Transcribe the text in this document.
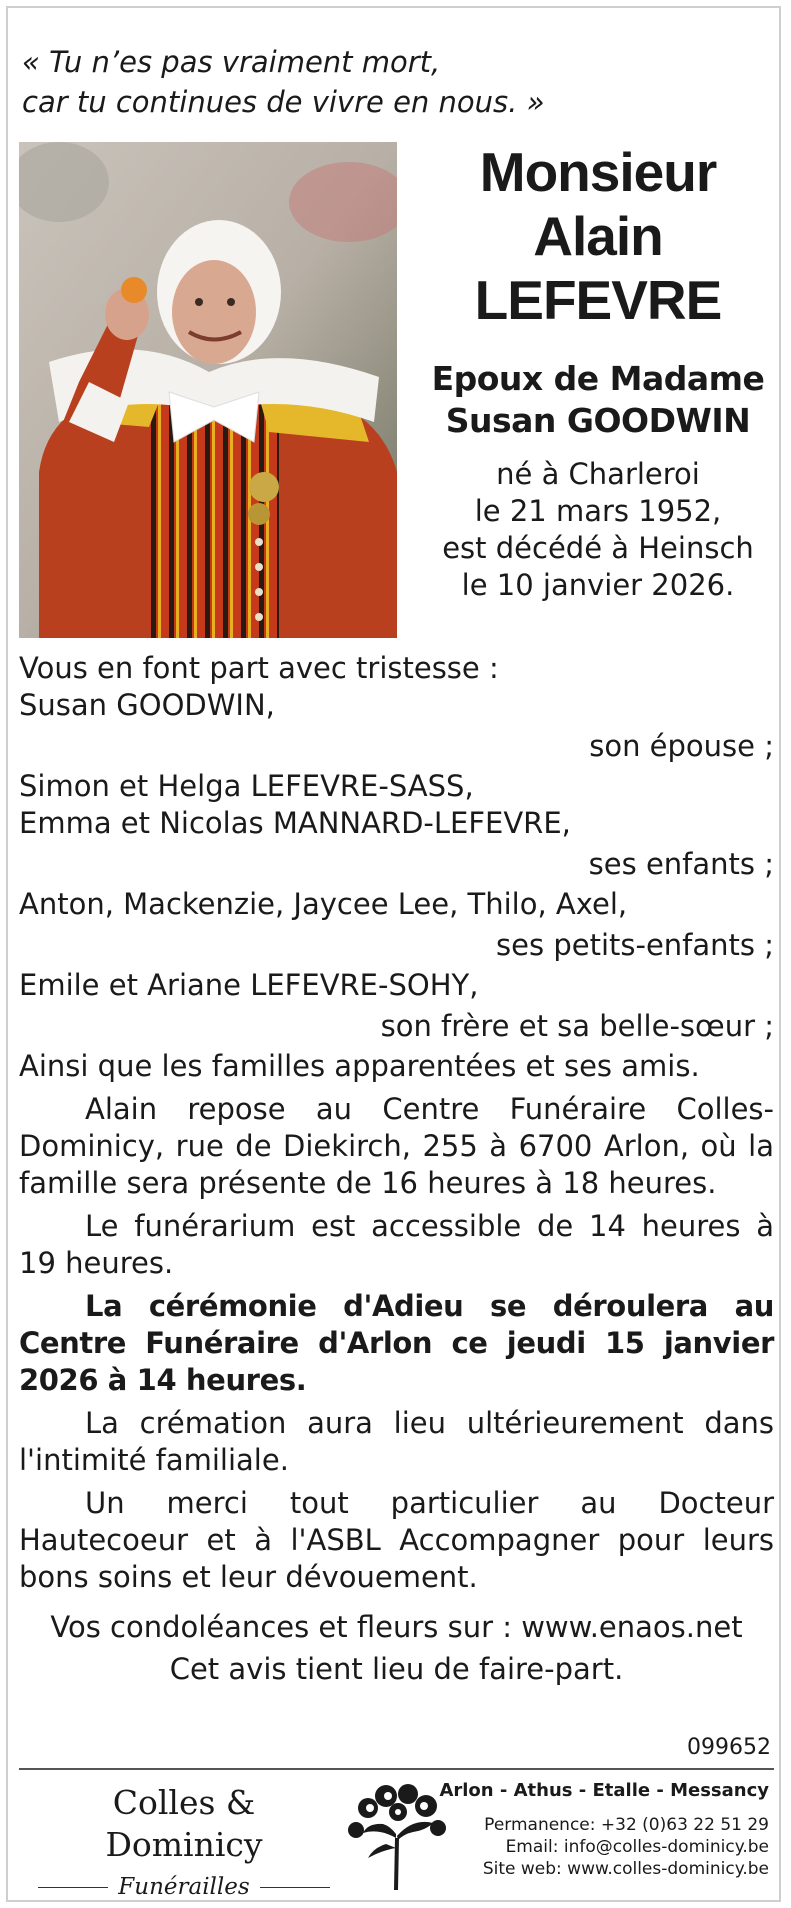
« Tu n’es pas vraiment mort,
car tu continues de vivre en nous. »
Monsieur
Alain
LEFEVRE
Epoux de Madame
Susan GOODWIN
né à Charleroi
le 21 mars 1952,
est décédé à Heinsch
le 10 janvier 2026.
Vous en font part avec tristesse :
Susan GOODWIN,
son épouse ;
Simon et Helga LEFEVRE-SASS,
Emma et Nicolas MANNARD-LEFEVRE,
ses enfants ;
Anton, Mackenzie, Jaycee Lee, Thilo, Axel,
ses petits-enfants ;
Emile et Ariane LEFEVRE-SOHY,
son frère et sa belle-sœur ;
Ainsi que les familles apparentées et ses amis.
Alain repose au Centre Funéraire Colles-Dominicy, rue de Diekirch, 255 à 6700 Arlon, où la famille sera présente de 16 heures à 18 heures.
Le funérarium est accessible de 14 heures à 19 heures.
La cérémonie d'Adieu se déroulera au Centre Funéraire d'Arlon ce jeudi 15 janvier 2026 à 14 heures.
La crémation aura lieu ultérieurement dans l'intimité familiale.
Un merci tout particulier au Docteur Hautecoeur et à l'ASBL Accompagner pour leurs bons soins et leur dévouement.
Vos condoléances et fleurs sur : www.enaos.net
Cet avis tient lieu de faire-part.
099652
Colles & Dominicy
Funérailles
Arlon - Athus - Etalle - Messancy
Permanence: +32 (0)63 22 51 29
Email: info@colles-dominicy.be
Site web: www.colles-dominicy.be
